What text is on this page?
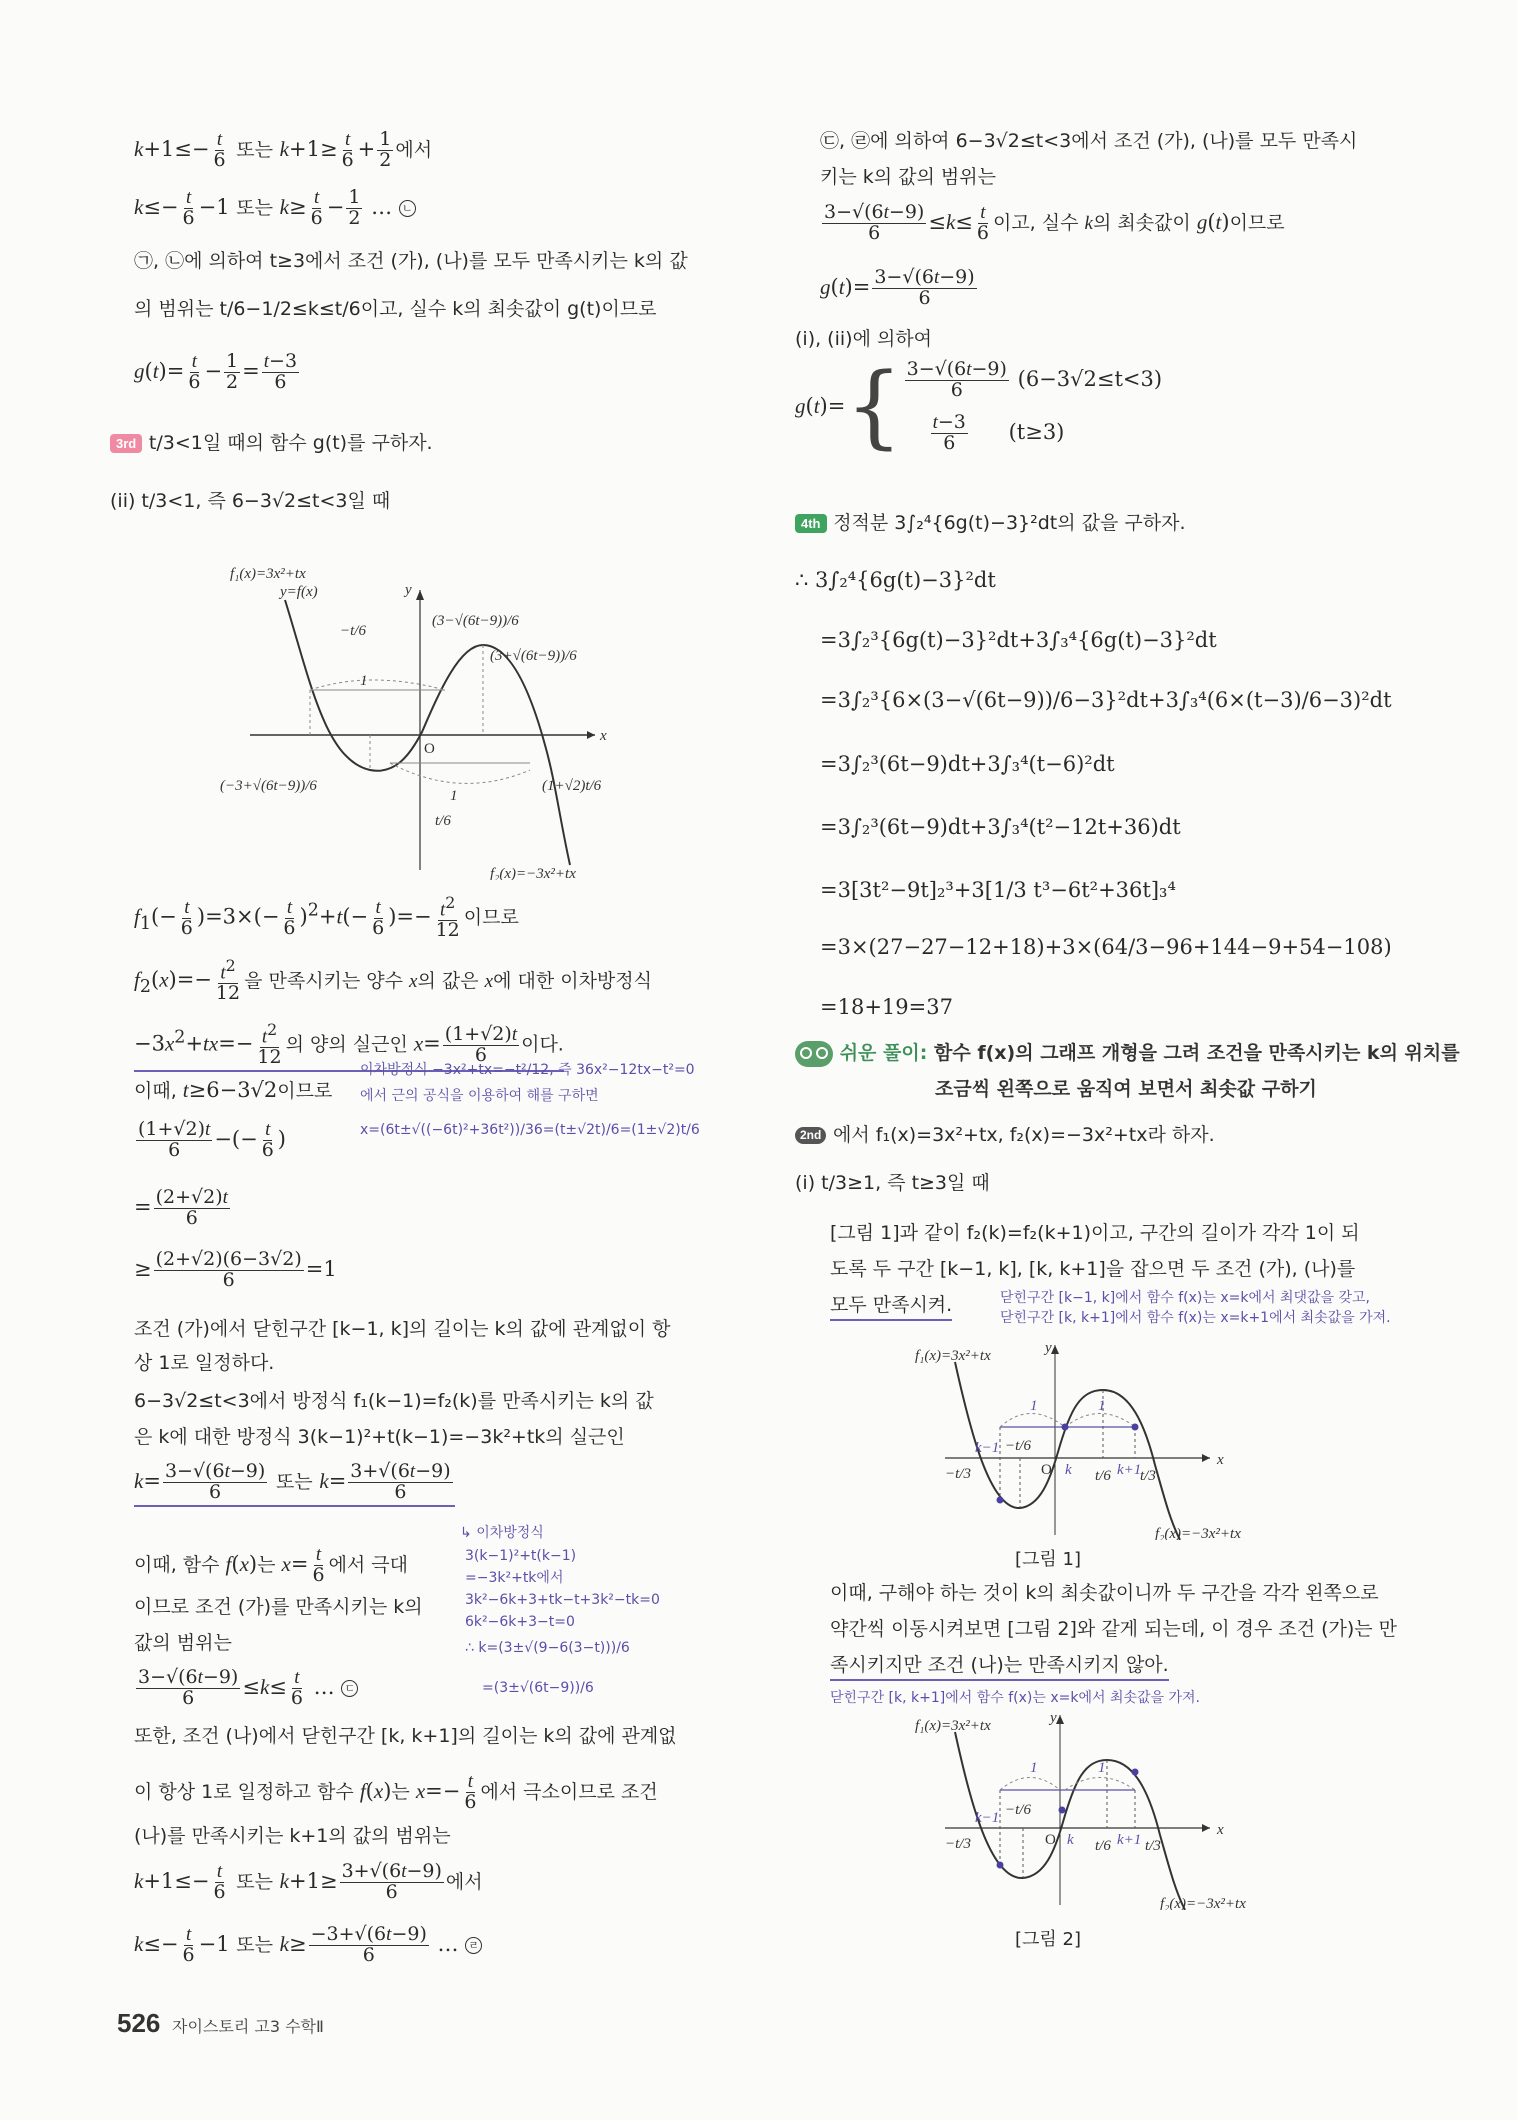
$k+1\le- \frac{t}{6}$ 또는 $k+1\ge \frac{t}{6} + \frac{1}{2}$ 에서
$k\le- \frac{t}{6} -1$ 또는 $k\ge \frac{t}{6} - \frac{1}{2}$ … ㄴ
㉠, ㉡에 의하여 t≥3에서 조건 (가), (나)를 모두 만족시키는 k의 값
의 범위는 t/6−1/2≤k≤t/6이고, 실수 k의 최솟값이 g(t)이므로
$g(t)= \frac{t}{6} - \frac{1}{2} = \frac{t-3}{6}$
3rd t/3<1일 때의 함수 g(t)를 구하자.
(ii) t/3<1, 즉 6−3√2≤t<3일 때
f₁(x)=3x²+tx
y=f(x)	y
x
O
−t/6
(3−√(6t−9))/6
(3+√(6t−9))/6
(−3+√(6t−9))/6	(1+√2)t/6
t/6
1
1
f₂(x)=−3x²+tx
$f_1(- \frac{t}{6} )=3\times(- \frac{t}{6} )^2+t(- \frac{t}{6}$ )=− $\frac{t^2}{12}$ 이므로
$f_2(x)=- \frac{t^2}{12}$ 을 만족시키는 양수 x의 값은 x에 대한 이차방정식
$-3x^2+tx=- \frac{t^2}{12}$ 의 양의 실근인 $x= \frac{(1+√2)t}{6}$ 이다.
이차방정식 −3x²+tx=−t²/12, 즉 36x²−12tx−t²=0
에서 근의 공식을 이용하여 해를 구하면
x=(6t±√((−6t)²+36t²))/36=(t±√2t)/6=(1±√2)t/6
이때, t≥6−3√2이므로
$\frac{(1+√2)t}{6}$ −(− $\frac{t}{6}$ )
= $\frac{(2+√2)t}{6}$
≥ $\frac{(2+√2)(6-3√2)}{6} =1$
조건 (가)에서 닫힌구간 [k−1, k]의 길이는 k의 값에 관계없이 항
상 1로 일정하다.
6−3√2≤t<3에서 방정식 f₁(k−1)=f₂(k)를 만족시키는 k의 값
은 k에 대한 방정식 3(k−1)²+t(k−1)=−3k²+tk의 실근인
$k= \frac{3-√(6t-9)}{6}$ 또는 $k= \frac{3+√(6t-9)}{6}$
↳ 이차방정식
3(k−1)²+t(k−1)
=−3k²+tk에서
3k²−6k+3+tk−t+3k²−tk=0
6k²−6k+3−t=0
∴ k=(3±√(9−6(3−t)))/6
=(3±√(6t−9))/6
이때, 함수 f(x)는 $x= \frac{t}{6}$ 에서 극대
이므로 조건 (가)를 만족시키는 k의
값의 범위는
$\frac{3-√(6t-9)}{6} \le k\le \frac{t}{6}$ … ㄷ
또한, 조건 (나)에서 닫힌구간 [k, k+1]의 길이는 k의 값에 관계없
이 항상 1로 일정하고 함수 f(x)는 $x=- \frac{t}{6}$ 에서 극소이므로 조건
(나)를 만족시키는 k+1의 값의 범위는
$k+1\le- \frac{t}{6}$ 또는 $k+1\ge \frac{3+√(6t-9)}{6}$ 에서
$k\le- \frac{t}{6} -1$ 또는 $k\ge \frac{-3+√(6t-9)}{6}$ … ㄹ
㉢, ㉣에 의하여 6−3√2≤t<3에서 조건 (가), (나)를 모두 만족시
키는 k의 값의 범위는
$\frac{3-√(6t-9)}{6} \le k\le \frac{t}{6}$ 이고, 실수 k의 최솟값이 g(t)이므로
$g(t)= \frac{3-√(6t-9)}{6}$
(i), (ii)에 의하여
g(t)= { $\frac{3-√(6t-9)}{6} (6-3√2\le t<3)$
$\frac{t-3}{6} (t\ge 3)$
4th 정적분 3∫₂⁴{6g(t)−3}²dt의 값을 구하자.
∴ 3∫₂⁴{6g(t)−3}²dt
=3∫₂³{6g(t)−3}²dt+3∫₃⁴{6g(t)−3}²dt
=3∫₂³{6×(3−√(6t−9))/6−3}²dt+3∫₃⁴(6×(t−3)/6−3)²dt
=3∫₂³(6t−9)dt+3∫₃⁴(t−6)²dt
=3∫₂³(6t−9)dt+3∫₃⁴(t²−12t+36)dt
=3[3t²−9t]₂³+3[1/3 t³−6t²+36t]₃⁴
=3×(27−27−12+18)+3×(64/3−96+144−9+54−108)
=18+19=37
쉬운 풀이: 함수 f(x)의 그래프 개형을 그려 조건을 만족시키는 k의 위치를
조금씩 왼쪽으로 움직여 보면서 최솟값 구하기
2nd 에서 f₁(x)=3x²+tx, f₂(x)=−3x²+tx라 하자.
(i) t/3≥1, 즉 t≥3일 때
[그림 1]과 같이 f₂(k)=f₂(k+1)이고, 구간의 길이가 각각 1이 되
도록 두 구간 [k−1, k], [k, k+1]을 잡으면 두 조건 (가), (나)를
모두 만족시켜.	닫힌구간 [k−1, k]에서 함수 f(x)는 x=k에서 최댓값을 갖고,
닫힌구간 [k, k+1]에서 함수 f(x)는 x=k+1에서 최솟값을 가져.
f₁(x)=3x²+tx	y
x
O
k−1 −t/6
−t/3	k t/6 k+1
t/3
1	1
f₂(x)=−3x²+tx
[그림 1]
이때, 구해야 하는 것이 k의 최솟값이니까 두 구간을 각각 왼쪽으로
약간씩 이동시켜보면 [그림 2]와 같게 되는데, 이 경우 조건 (가)는 만
족시키지만 조건 (나)는 만족시키지 않아.
닫힌구간 [k, k+1]에서 함수 f(x)는 x=k에서 최솟값을 가져.
f₁(x)=3x²+tx	y
x
O
k−1 −t/6
−t/3	k t/6 k+1 t/3
1	1
f₂(x)=−3x²+tx
[그림 2]
526 자이스토리 고3 수학Ⅱ
